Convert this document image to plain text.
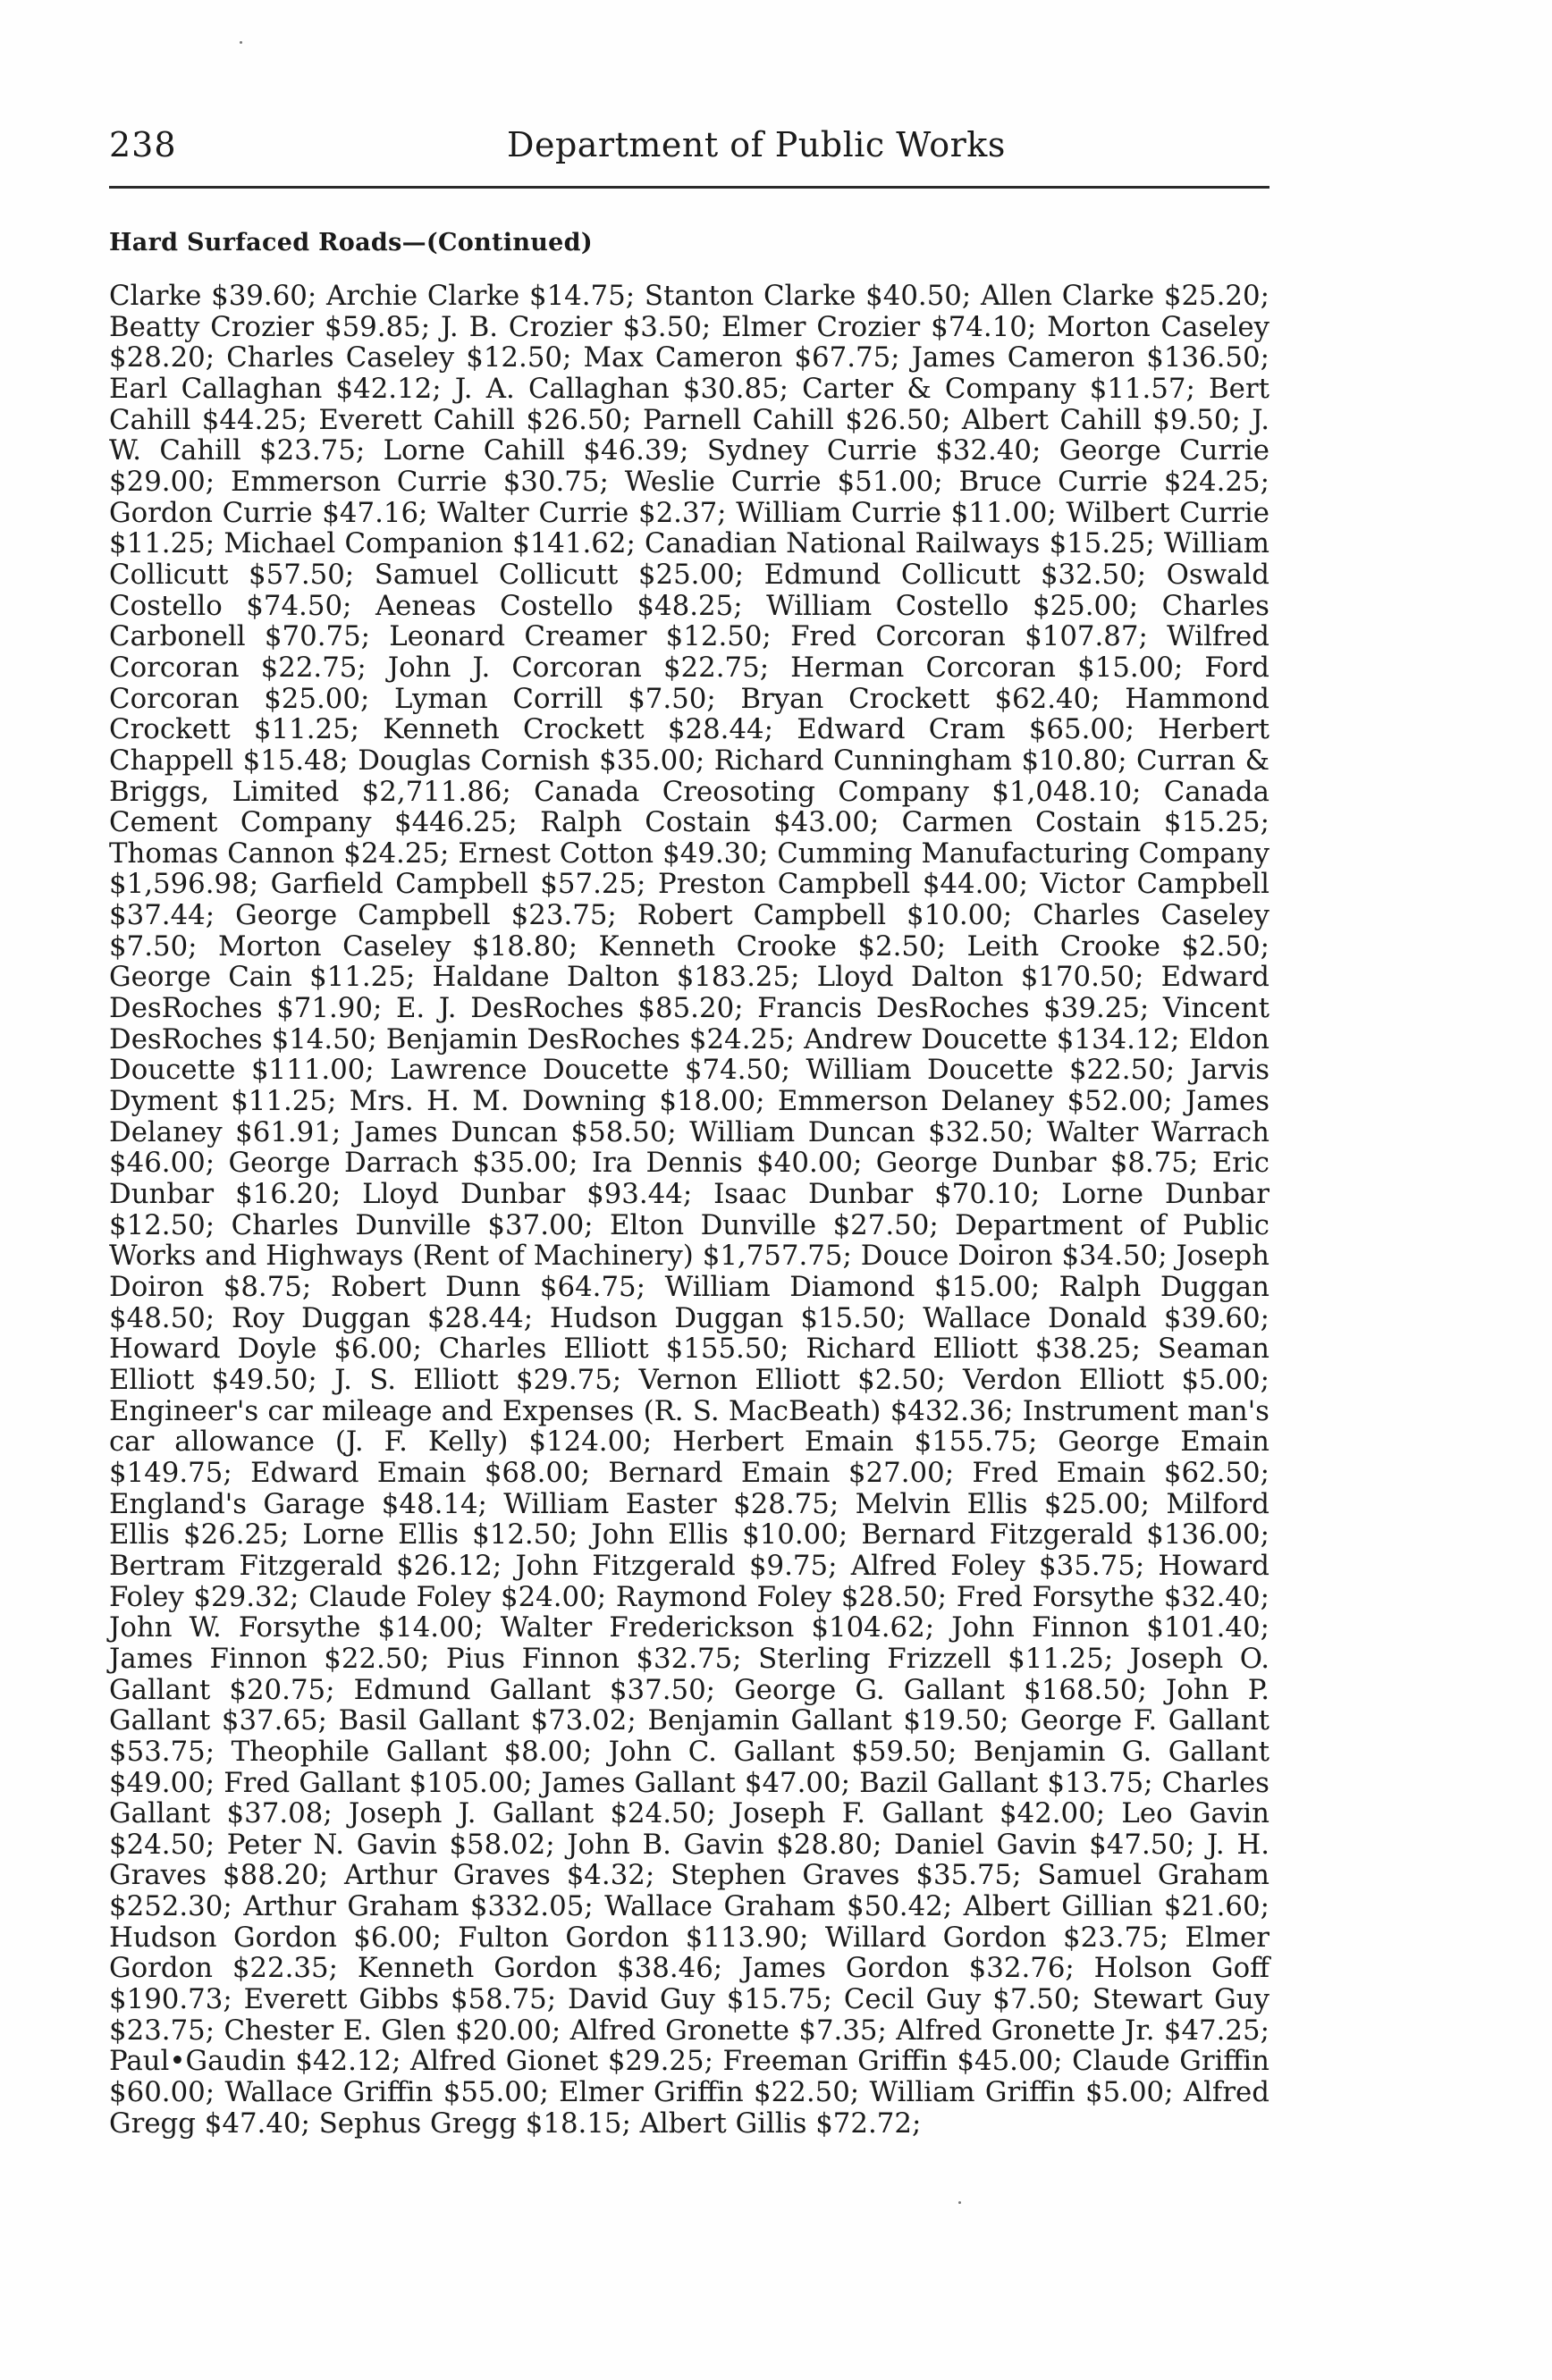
238	Department of Public Works
Hard Surfaced Roads—(Continued)

Clarke $39.60; Archie Clarke $14.75; Stanton Clarke $40.50; Allen Clarke $25.20; Beatty Crozier $59.85; J. B. Crozier $3.50; Elmer Crozier $74.10; Morton Caseley $28.20; Charles Caseley $12.50; Max Cameron $67.75; James Cameron $136.50; Earl Callaghan $42.12; J. A. Callaghan $30.85; Carter & Company $11.57; Bert Cahill $44.25; Everett Cahill $26.50; Parnell Cahill $26.50; Albert Cahill $9.50; J. W. Cahill $23.75; Lorne Cahill $46.39; Sydney Currie $32.40; George Currie $29.00; Emmerson Currie $30.75; Weslie Currie $51.00; Bruce Currie $24.25; Gordon Currie $47.16; Walter Currie $2.37; William Currie $11.00; Wilbert Currie $11.25; Michael Companion $141.62; Canadian National Railways $15.25; William Collicutt $57.50; Samuel Collicutt $25.00; Edmund Collicutt $32.50; Oswald Costello $74.50; Aeneas Costello $48.25; William Costello $25.00; Charles Carbonell $70.75; Leonard Creamer $12.50; Fred Corcoran $107.87; Wilfred Corcoran $22.75; John J. Corcoran $22.75; Herman Corcoran $15.00; Ford Corcoran $25.00; Lyman Corrill $7.50; Bryan Crockett $62.40; Hammond Crockett $11.25; Kenneth Crockett $28.44; Edward Cram $65.00; Herbert Chappell $15.48; Douglas Cornish $35.00; Richard Cunningham $10.80; Curran & Briggs, Limited $2,711.86; Canada Creosoting Company $1,048.10; Canada Cement Company $446.25; Ralph Costain $43.00; Carmen Costain $15.25; Thomas Cannon $24.25; Ernest Cotton $49.30; Cumming Manufacturing Company $1,596.98; Garfield Campbell $57.25; Preston Campbell $44.00; Victor Campbell $37.44; George Campbell $23.75; Robert Campbell $10.00; Charles Caseley $7.50; Morton Caseley $18.80; Kenneth Crooke $2.50; Leith Crooke $2.50; George Cain $11.25; Haldane Dalton $183.25; Lloyd Dalton $170.50; Edward DesRoches $71.90; E. J. DesRoches $85.20; Francis DesRoches $39.25; Vincent DesRoches $14.50; Benjamin DesRoches $24.25; Andrew Doucette $134.12; Eldon Doucette $111.00; Lawrence Doucette $74.50; William Doucette $22.50; Jarvis Dyment $11.25; Mrs. H. M. Downing $18.00; Emmerson Delaney $52.00; James Delaney $61.91; James Duncan $58.50; William Duncan $32.50; Walter Warrach $46.00; George Darrach $35.00; Ira Dennis $40.00; George Dunbar $8.75; Eric Dunbar $16.20; Lloyd Dunbar $93.44; Isaac Dunbar $70.10; Lorne Dunbar $12.50; Charles Dunville $37.00; Elton Dunville $27.50; Department of Public Works and Highways (Rent of Machinery) $1,757.75; Douce Doiron $34.50; Joseph Doiron $8.75; Robert Dunn $64.75; William Diamond $15.00; Ralph Duggan $48.50; Roy Duggan $28.44; Hudson Duggan $15.50; Wallace Donald $39.60; Howard Doyle $6.00; Charles Elliott $155.50; Richard Elliott $38.25; Seaman Elliott $49.50; J. S. Elliott $29.75; Vernon Elliott $2.50; Verdon Elliott $5.00; Engineer's car mileage and Expenses (R. S. MacBeath) $432.36; Instrument man's car allowance (J. F. Kelly) $124.00; Herbert Emain $155.75; George Emain $149.75; Edward Emain $68.00; Bernard Emain $27.00; Fred Emain $62.50; England's Garage $48.14; William Easter $28.75; Melvin Ellis $25.00; Milford Ellis $26.25; Lorne Ellis $12.50; John Ellis $10.00; Bernard Fitzgerald $136.00; Bertram Fitzgerald $26.12; John Fitzgerald $9.75; Alfred Foley $35.75; Howard Foley $29.32; Claude Foley $24.00; Raymond Foley $28.50; Fred Forsythe $32.40; John W. Forsythe $14.00; Walter Frederickson $104.62; John Finnon $101.40; James Finnon $22.50; Pius Finnon $32.75; Sterling Frizzell $11.25; Joseph O. Gallant $20.75; Edmund Gallant $37.50; George G. Gallant $168.50; John P. Gallant $37.65; Basil Gallant $73.02; Benjamin Gallant $19.50; George F. Gallant $53.75; Theophile Gallant $8.00; John C. Gallant $59.50; Benjamin G. Gallant $49.00; Fred Gallant $105.00; James Gallant $47.00; Bazil Gallant $13.75; Charles Gallant $37.08; Joseph J. Gallant $24.50; Joseph F. Gallant $42.00; Leo Gavin $24.50; Peter N. Gavin $58.02; John B. Gavin $28.80; Daniel Gavin $47.50; J. H. Graves $88.20; Arthur Graves $4.32; Stephen Graves $35.75; Samuel Graham $252.30; Arthur Graham $332.05; Wallace Graham $50.42; Albert Gillian $21.60; Hudson Gordon $6.00; Fulton Gordon $113.90; Willard Gordon $23.75; Elmer Gordon $22.35; Kenneth Gordon $38.46; James Gordon $32.76; Holson Goff $190.73; Everett Gibbs $58.75; David Guy $15.75; Cecil Guy $7.50; Stewart Guy $23.75; Chester E. Glen $20.00; Alfred Gronette $7.35; Alfred Gronette Jr. $47.25; Paul•Gaudin $42.12; Alfred Gionet $29.25; Freeman Griffin $45.00; Claude Griffin $60.00; Wallace Griffin $55.00; Elmer Griffin $22.50; William Griffin $5.00; Alfred Gregg $47.40; Sephus Gregg $18.15; Albert Gillis $72.72;
